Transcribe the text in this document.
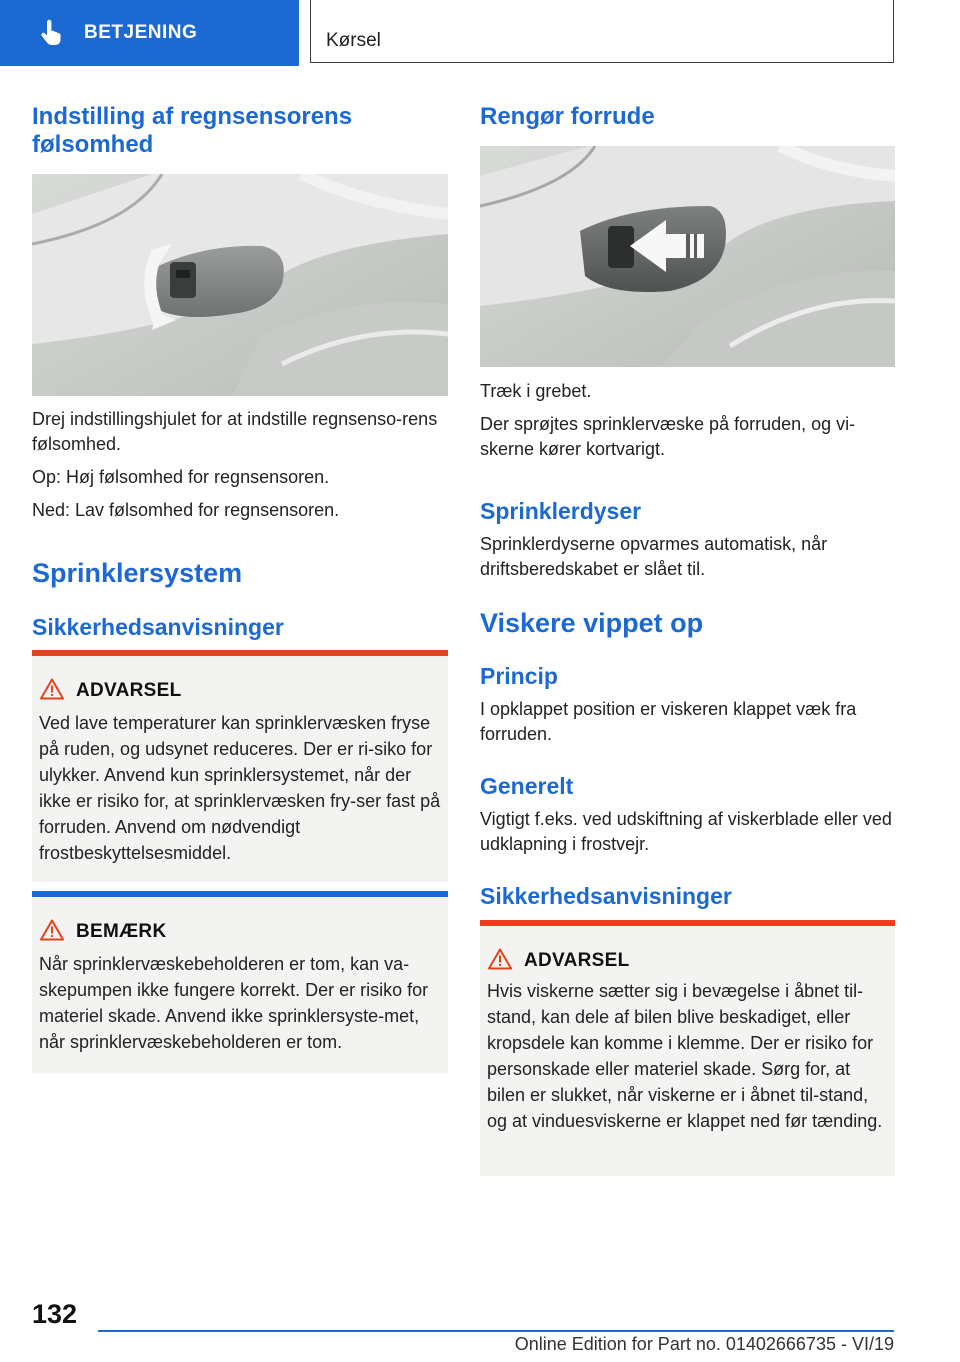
BETJENING	Kørsel
Indstilling af regnsensorens følsomhed

Drej indstillingshjulet for at indstille regnsenso-rens følsomhed.

Op: Høj følsomhed for regnsensoren.

Ned: Lav følsomhed for regnsensoren.

Sprinklersystem
Sikkerhedsanvisninger
ADVARSEL
Ved lave temperaturer kan sprinklervæsken fryse på ruden, og udsynet reduceres. Der er ri-siko for ulykker. Anvend kun sprinklersystemet, når der ikke er risiko for, at sprinklervæsken fry-ser fast på forruden. Anvend om nødvendigt frostbeskyttelsesmiddel.
BEMÆRK
Når sprinklervæskebeholderen er tom, kan va-skepumpen ikke fungere korrekt. Der er risiko for materiel skade. Anvend ikke sprinklersyste-met, når sprinklervæskebeholderen er tom.
Rengør forrude

Træk i grebet.

Der sprøjtes sprinklervæske på forruden, og vi-skerne kører kortvarigt.

Sprinklerdyser
Sprinklerdyserne opvarmes automatisk, når driftsberedskabet er slået til.
Viskere vippet op
Princip
I opklappet position er viskeren klappet væk fra forruden.
Generelt
Vigtigt f.eks. ved udskiftning af viskerblade eller ved udklapning i frostvejr.
Sikkerhedsanvisninger
ADVARSEL
Hvis viskerne sætter sig i bevægelse i åbnet til-stand, kan dele af bilen blive beskadiget, eller kropsdele kan komme i klemme. Der er risiko for personskade eller materiel skade. Sørg for, at bilen er slukket, når viskerne er i åbnet til-stand, og at vinduesviskerne er klappet ned før tænding.
132
Online Edition for Part no. 01402666735 - VI/19
